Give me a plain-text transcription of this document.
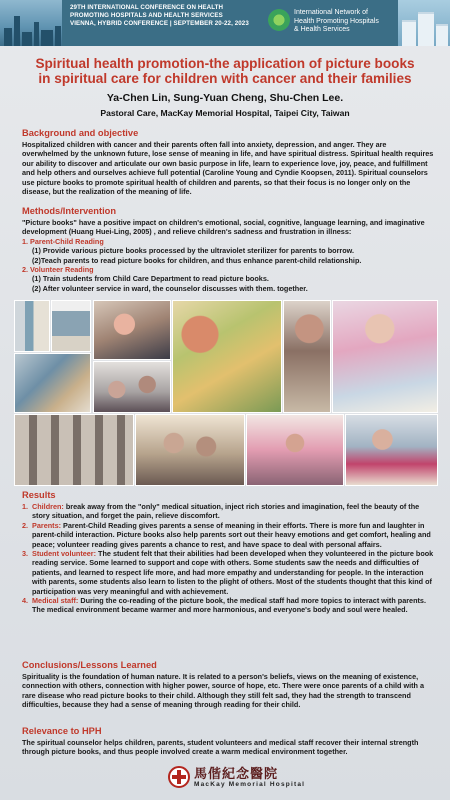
29TH INTERNATIONAL CONFERENCE ON HEALTH
PROMOTING HOSPITALS AND HEALTH SERVICES
VIENNA, HYBRID CONFERENCE | SEPTEMBER 20-22, 2023
International Network of
Health Promoting Hospitals
& Health Services
Spiritual health promotion-the application of picture books
in spiritual care for children with cancer and their families
Ya-Chen Lin, Sung-Yuan Cheng, Shu-Chen Lee.
Pastoral Care, MacKay Memorial Hospital, Taipei City, Taiwan
Background and objective
Hospitalized children with cancer and their parents often fall into anxiety, depression, and anger. They are overwhelmed by the unknown future, lose sense of meaning in life, and have spiritual distress. Spiritual health requires our ability to discover and articulate our own basic purpose in life, learn to experience love, joy, peace, and fulfillment and help others and ourselves achieve full potential (Caroline Young and Cyndie Koopsen, 2011). Spiritual counselors use picture books to promote spiritual health of children and parents, so that their focus is no longer only on the disease, but the realization of the meaning of life.
Methods/Intervention
"Picture books" have a positive impact on children's emotional, social, cognitive, language learning, and imaginative development (Huang Huei-Ling, 2005) , and relieve children's sadness and frustration in illness:
1. Parent-Child Reading
(1) Provide various picture books processed by the ultraviolet sterilizer for parents to borrow.
(2)Teach parents to read picture books for children, and thus enhance parent-child relationship.
2. Volunteer Reading
(1) Train students from Child Care Department to read picture books.
(2) After volunteer service in ward, the counselor discusses with them. together.
Results
1. Children: break away from the "only" medical situation, inject rich stories and imagination, feel the beauty of the story situation, and forget the pain, relieve discomfort.
2. Parents: Parent-Child Reading gives parents a sense of meaning in their efforts. There is more fun and laughter in parent-child interaction. Picture books also help parents sort out their heavy emotions and get comfort, healing and peace; volunteer reading gives parents a chance to rest, and have space to deal with personal affairs.
3. Student volunteer: The student felt that their abilities had been developed when they volunteered in the picture book reading service. Some learned to support and cope with others. Some students saw the needs and difficulties of patients, and learned to respect life more, and had more empathy and understanding for people. In the interaction with parents, some students also learn to listen to the plight of others. Most of the students thought that this kind of participation was very meaningful and with achievement.
4. Medical staff: During the co-reading of the picture book, the medical staff had more topics to interact with parents. The medical environment became warmer and more harmonious, and everyone's body and soul were healed.
Conclusions/Lessons Learned
Spirituality is the foundation of human nature. It is related to a person's beliefs, views on the meaning of existence, connection with others, connection with higher power, source of hope, etc. There were once parents of a child with a rare disease who read picture books to their child. Although they still felt sad, they had the strength to transcend difficulties, because they had a sense of meaning through reading for their child.
Relevance to HPH
The spiritual counselor helps children, parents, student volunteers and medical staff recover their internal strength through picture books, and thus people involved create a warm medical environment together.
馬偕紀念醫院
MacKay Memorial Hospital
